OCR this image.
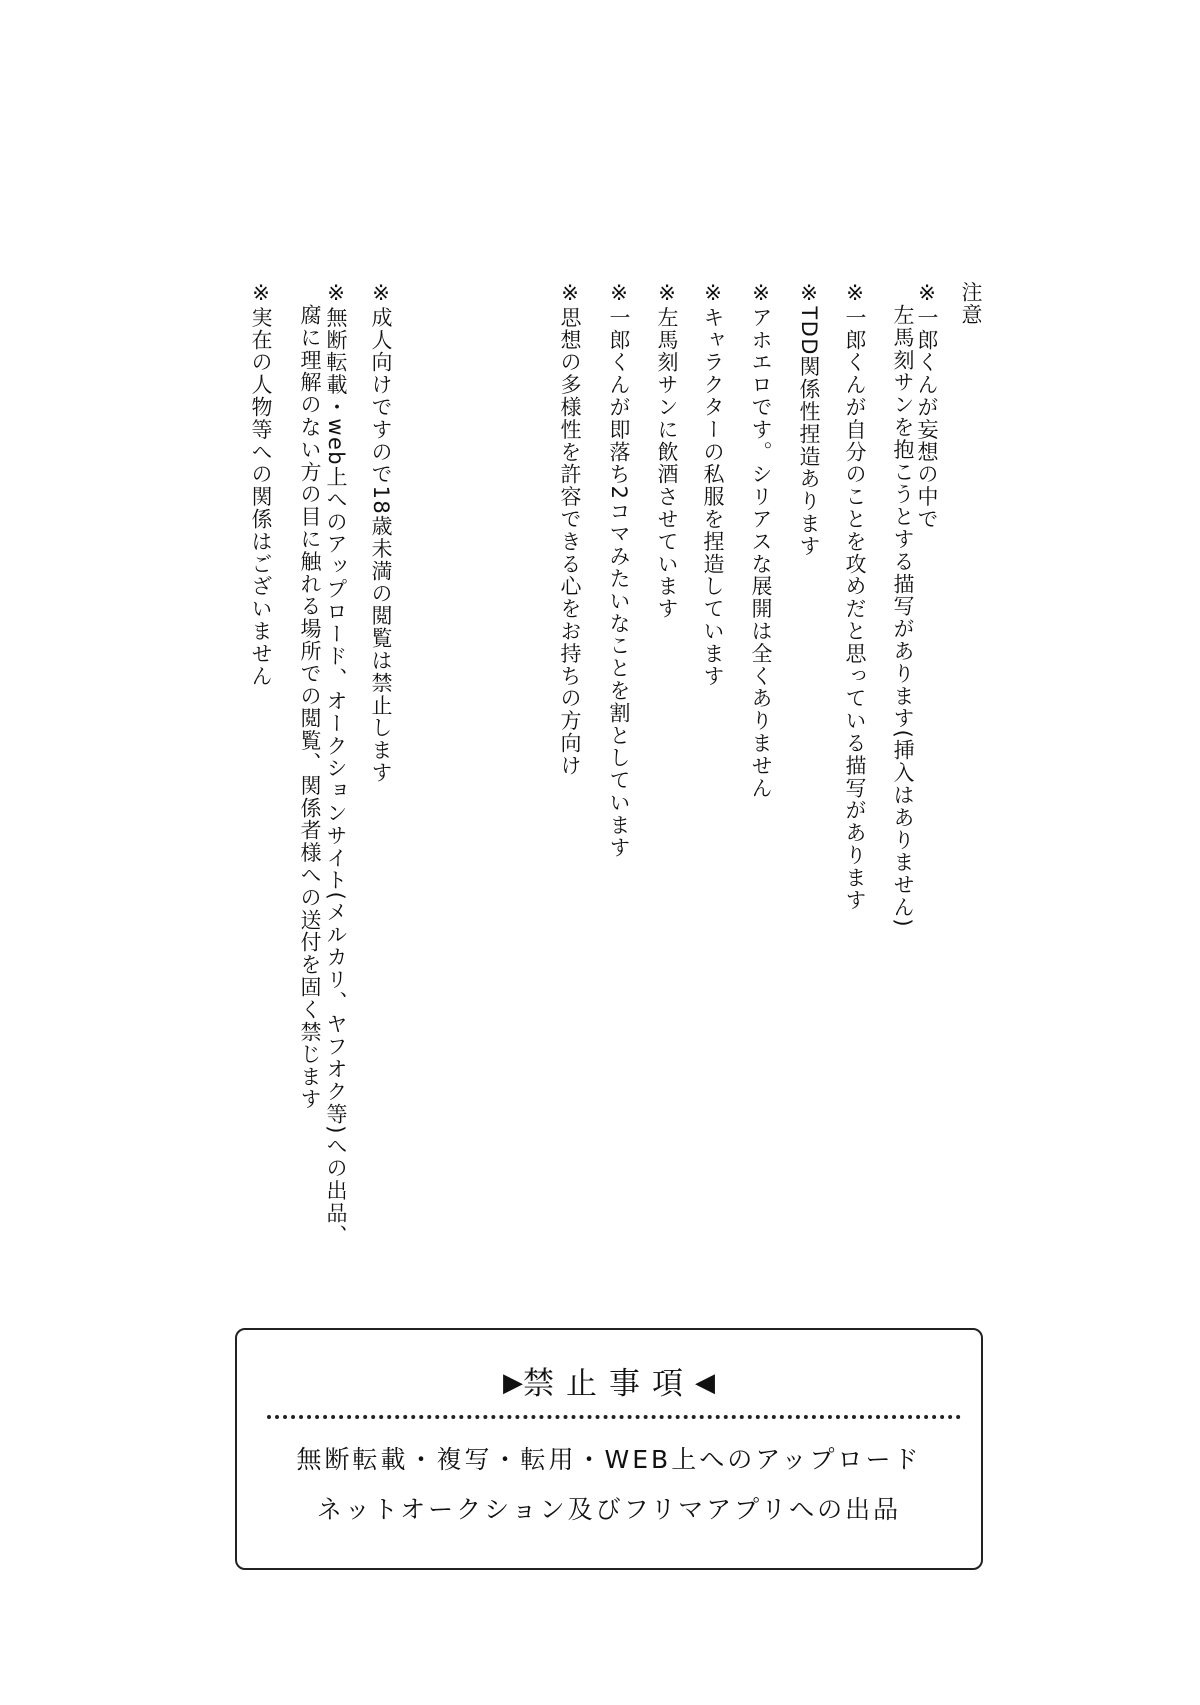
注意
※一郎くんが妄想の中で
左馬刻サンを抱こうとする描写があります(挿入はありません)
※一郎くんが自分のことを攻めだと思っている描写があります
※TDD関係性捏造あります
※アホエロです。シリアスな展開は全くありません
※キャラクターの私服を捏造しています
※左馬刻サンに飲酒させています
※一郎くんが即落ち2コマみたいなことを割としています
※思想の多様性を許容できる心をお持ちの方向け
※成人向けですので18歳未満の閲覧は禁止します
※無断転載・web上へのアップロード、オークションサイト(メルカリ、ヤフオク等)への出品、
腐に理解のない方の目に触れる場所での閲覧、関係者様への送付を固く禁じます
※実在の人物等への関係はございません
▶禁止事項◀
無断転載・複写・転用・WEB上へのアップロード
ネットオークション及びフリマアプリへの出品
